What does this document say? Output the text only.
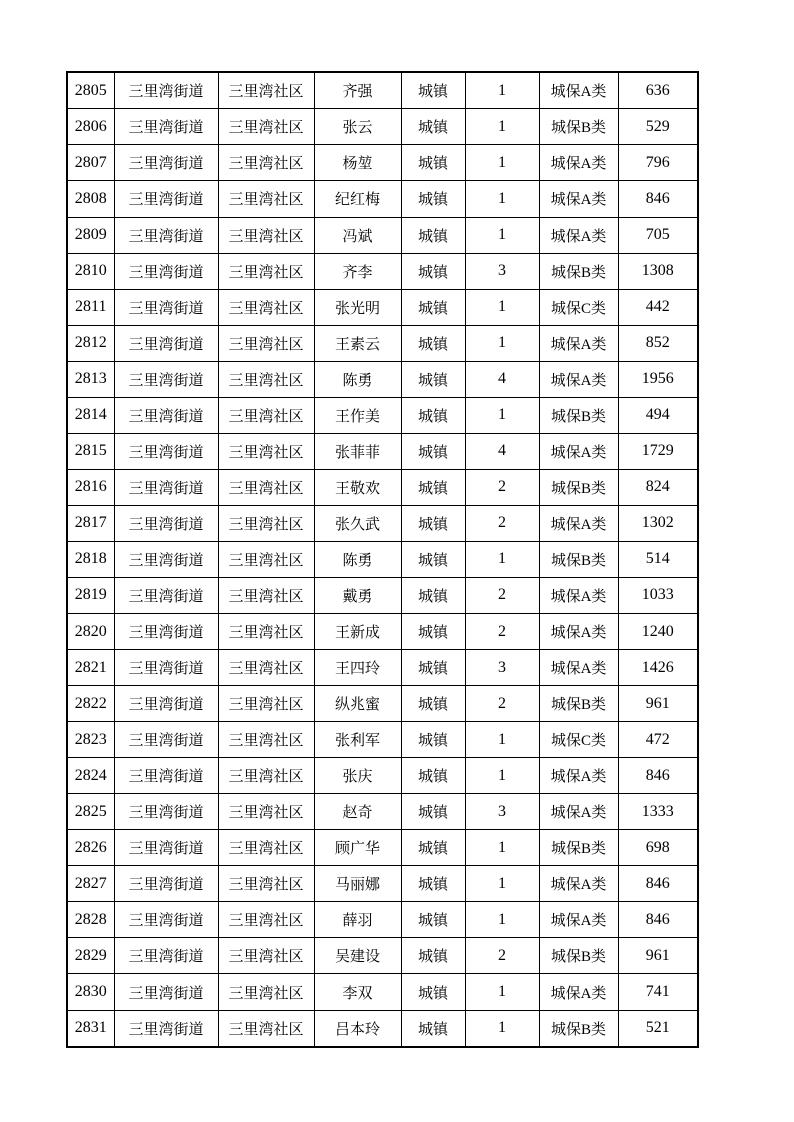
2805	三里湾街道	三里湾社区	齐强	城镇	1	城保A类	636
2806	三里湾街道	三里湾社区	张云	城镇	1	城保B类	529
2807	三里湾街道	三里湾社区	杨堃	城镇	1	城保A类	796
2808	三里湾街道	三里湾社区	纪红梅	城镇	1	城保A类	846
2809	三里湾街道	三里湾社区	冯斌	城镇	1	城保A类	705
2810	三里湾街道	三里湾社区	齐李	城镇	3	城保B类	1308
2811	三里湾街道	三里湾社区	张光明	城镇	1	城保C类	442
2812	三里湾街道	三里湾社区	王素云	城镇	1	城保A类	852
2813	三里湾街道	三里湾社区	陈勇	城镇	4	城保A类	1956
2814	三里湾街道	三里湾社区	王作美	城镇	1	城保B类	494
2815	三里湾街道	三里湾社区	张菲菲	城镇	4	城保A类	1729
2816	三里湾街道	三里湾社区	王敬欢	城镇	2	城保B类	824
2817	三里湾街道	三里湾社区	张久武	城镇	2	城保A类	1302
2818	三里湾街道	三里湾社区	陈勇	城镇	1	城保B类	514
2819	三里湾街道	三里湾社区	戴勇	城镇	2	城保A类	1033
2820	三里湾街道	三里湾社区	王新成	城镇	2	城保A类	1240
2821	三里湾街道	三里湾社区	王四玲	城镇	3	城保A类	1426
2822	三里湾街道	三里湾社区	纵兆蜜	城镇	2	城保B类	961
2823	三里湾街道	三里湾社区	张利军	城镇	1	城保C类	472
2824	三里湾街道	三里湾社区	张庆	城镇	1	城保A类	846
2825	三里湾街道	三里湾社区	赵奇	城镇	3	城保A类	1333
2826	三里湾街道	三里湾社区	顾广华	城镇	1	城保B类	698
2827	三里湾街道	三里湾社区	马丽娜	城镇	1	城保A类	846
2828	三里湾街道	三里湾社区	薛羽	城镇	1	城保A类	846
2829	三里湾街道	三里湾社区	吴建设	城镇	2	城保B类	961
2830	三里湾街道	三里湾社区	李双	城镇	1	城保A类	741
2831	三里湾街道	三里湾社区	吕本玲	城镇	1	城保B类	521
